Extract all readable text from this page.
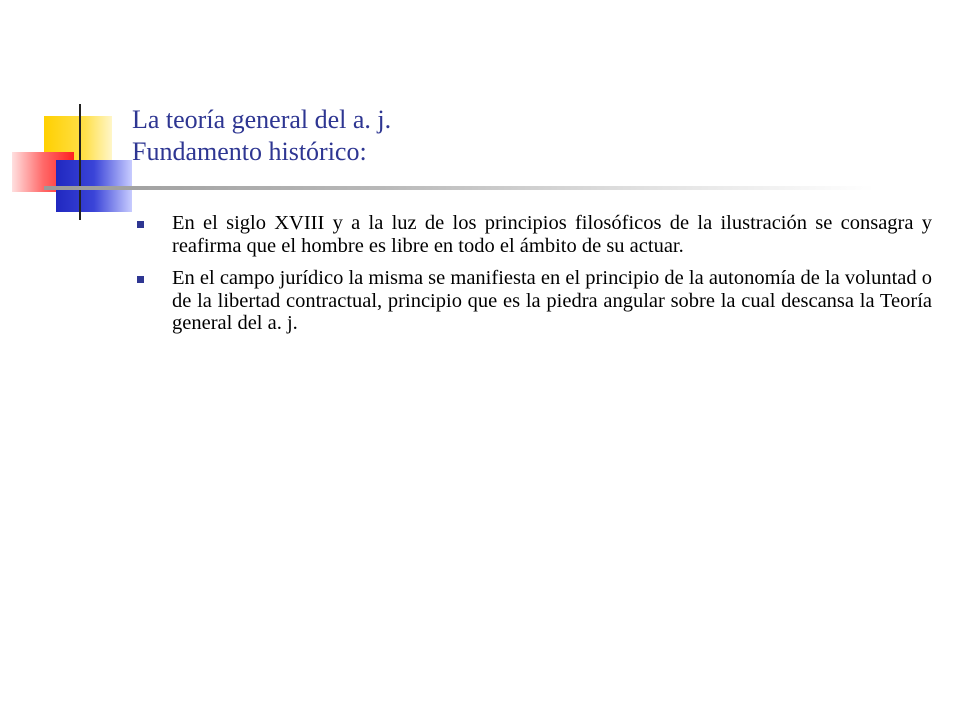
La teoría general del a. j.
Fundamento histórico:
En el siglo XVIII y a la luz de los principios filosóficos de la ilustración se consagra y reafirma que el hombre es libre en todo el ámbito de su actuar.
En el campo jurídico la misma se manifiesta en el principio de la autonomía de la voluntad o de la libertad contractual, principio que es la piedra angular sobre la cual descansa la Teoría general del a. j.
